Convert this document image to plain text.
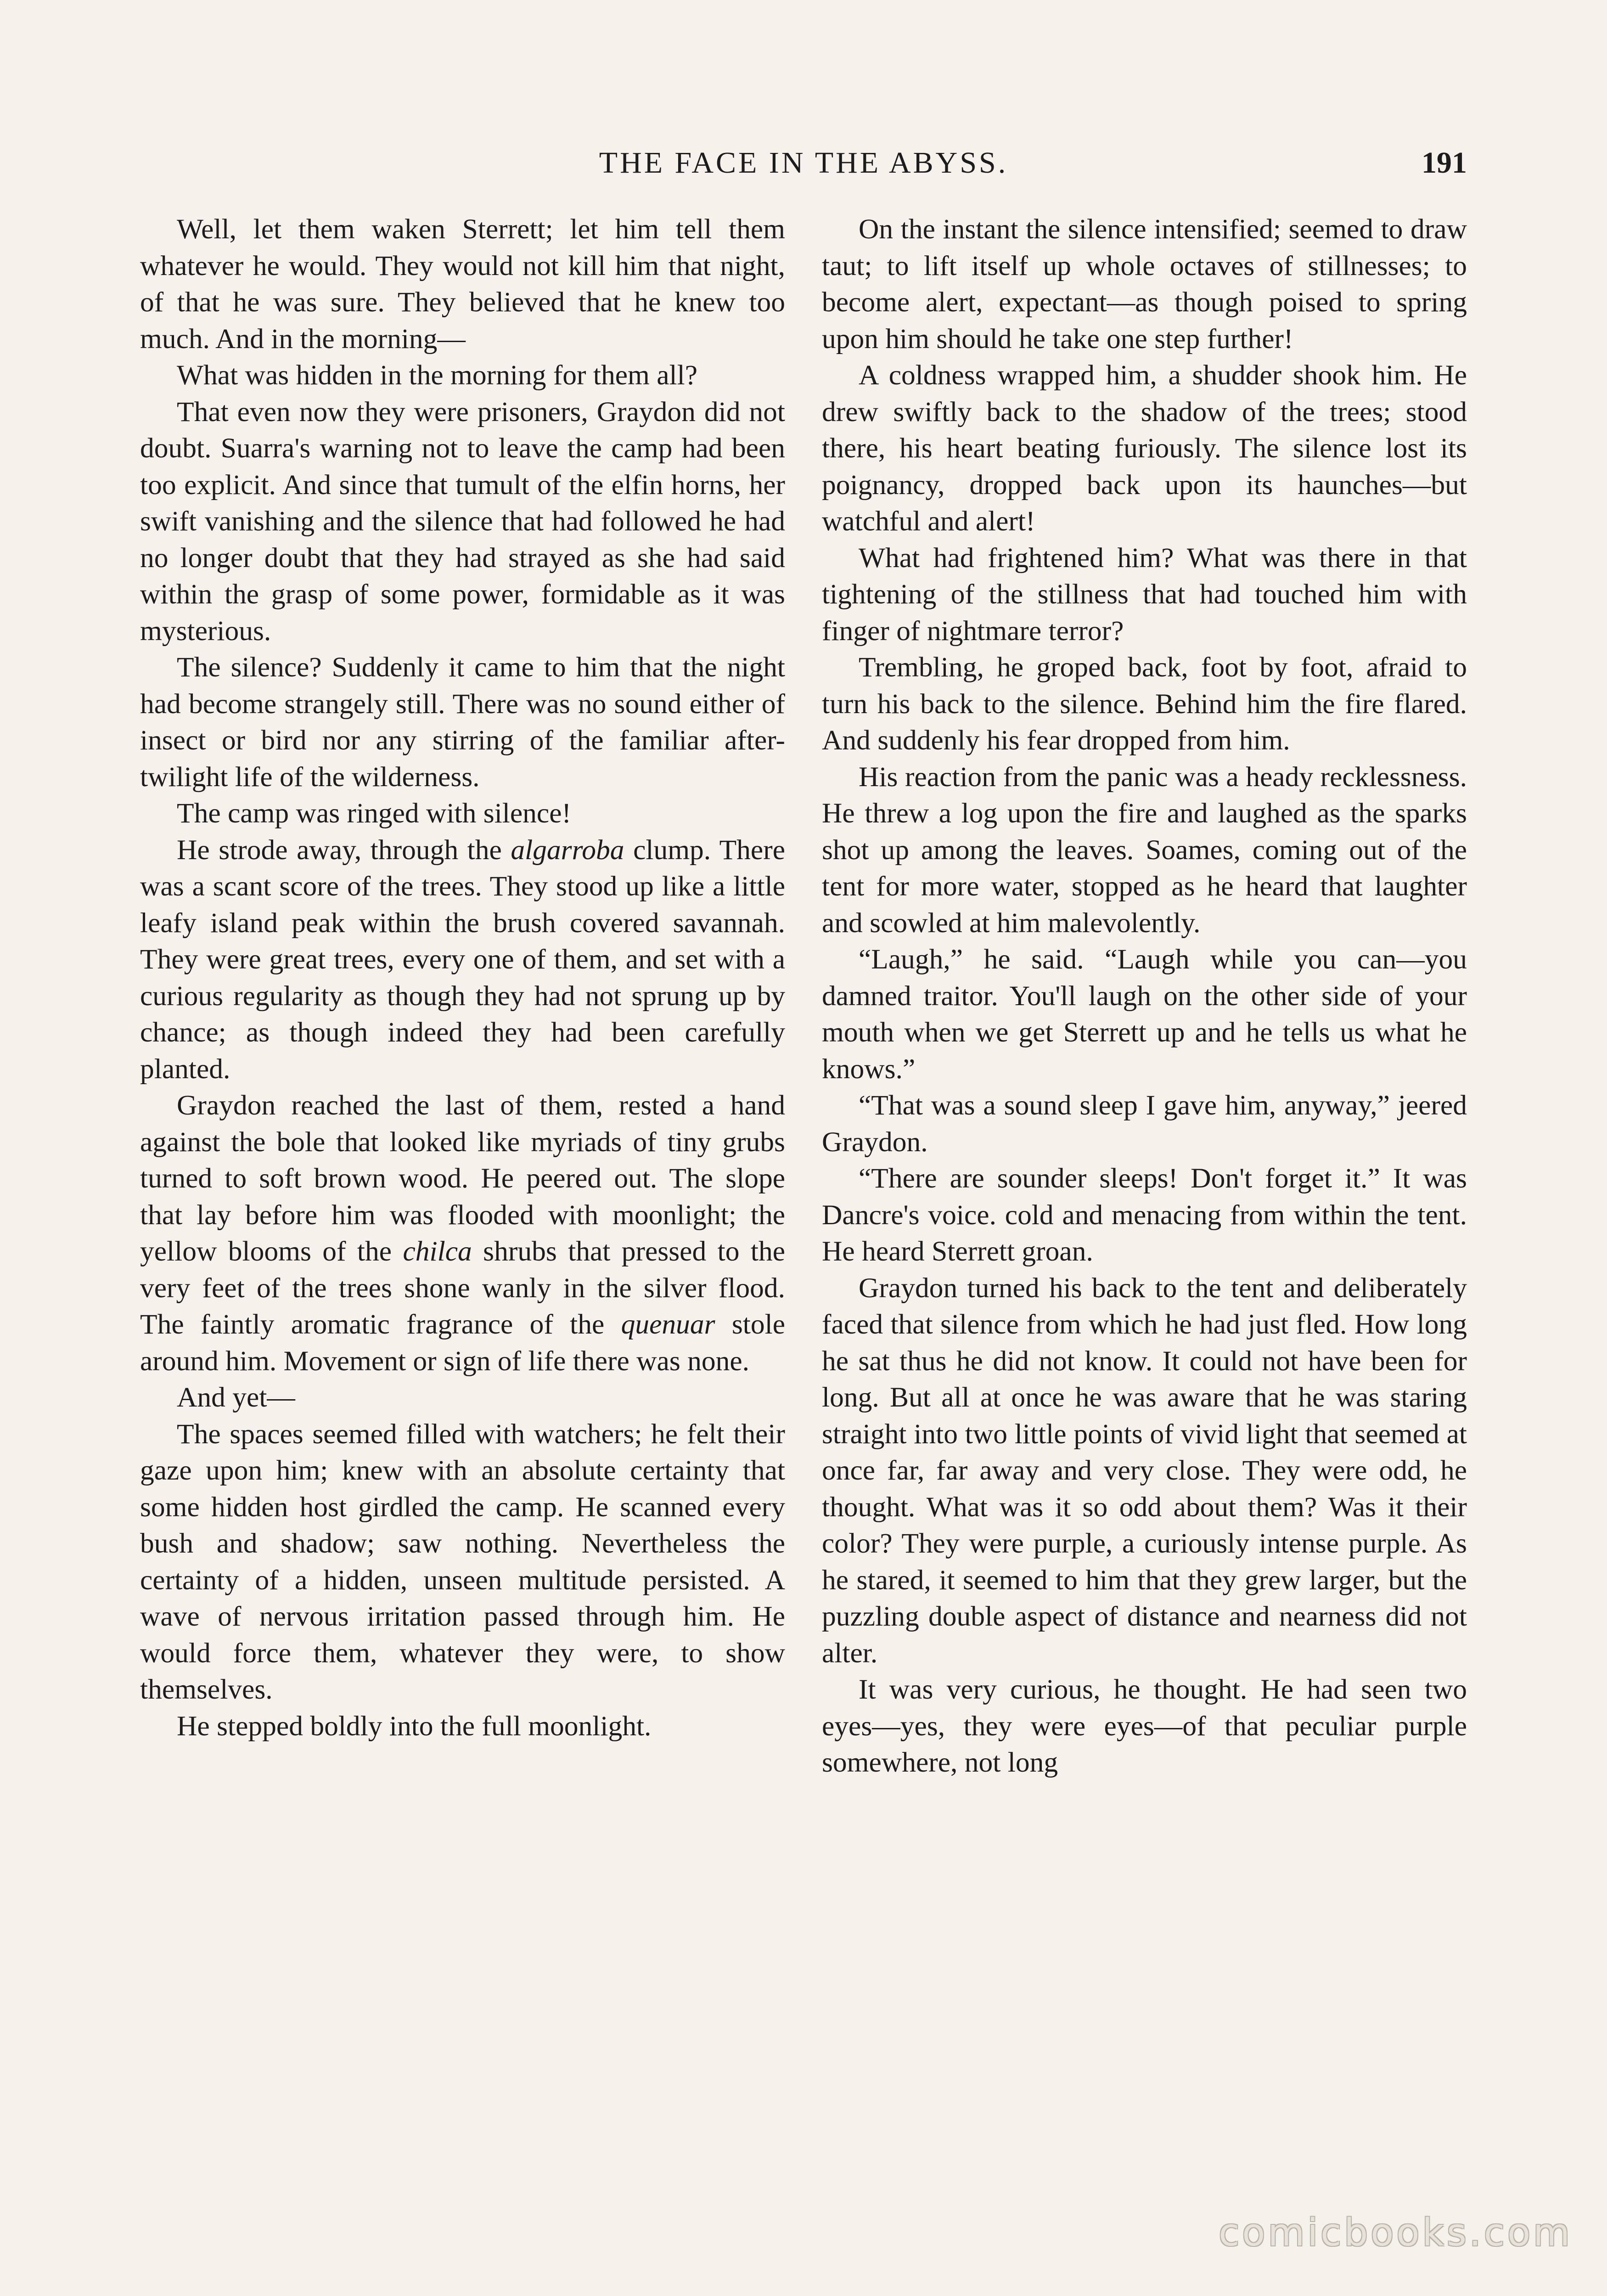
THE FACE IN THE ABYSS.	191

Well, let them waken Sterrett; let him tell them whatever he would. They would not kill him that night, of that he was sure. They believed that he knew too much. And in the morning—

What was hidden in the morning for them all?

That even now they were prisoners, Graydon did not doubt. Suarra's warning not to leave the camp had been too explicit. And since that tumult of the elfin horns, her swift vanishing and the silence that had followed he had no longer doubt that they had strayed as she had said within the grasp of some power, formidable as it was mysterious.

The silence? Suddenly it came to him that the night had become strangely still. There was no sound either of insect or bird nor any stirring of the familiar after-twilight life of the wilderness.

The camp was ringed with silence!

He strode away, through the algarroba clump. There was a scant score of the trees. They stood up like a little leafy island peak within the brush covered savannah. They were great trees, every one of them, and set with a curious regularity as though they had not sprung up by chance; as though indeed they had been carefully planted.

Graydon reached the last of them, rested a hand against the bole that looked like myriads of tiny grubs turned to soft brown wood. He peered out. The slope that lay before him was flooded with moonlight; the yellow blooms of the chilca shrubs that pressed to the very feet of the trees shone wanly in the silver flood. The faintly aromatic fragrance of the quenuar stole around him. Movement or sign of life there was none.

And yet—

The spaces seemed filled with watchers; he felt their gaze upon him; knew with an absolute certainty that some hidden host girdled the camp. He scanned every bush and shadow; saw nothing. Nevertheless the certainty of a hidden, unseen multitude persisted. A wave of nervous irritation passed through him. He would force them, whatever they were, to show themselves.

He stepped boldly into the full moonlight.

On the instant the silence intensified; seemed to draw taut; to lift itself up whole octaves of stillnesses; to become alert, expectant—as though poised to spring upon him should he take one step further!

A coldness wrapped him, a shudder shook him. He drew swiftly back to the shadow of the trees; stood there, his heart beating furiously. The silence lost its poignancy, dropped back upon its haunches—but watchful and alert!

What had frightened him? What was there in that tightening of the stillness that had touched him with finger of nightmare terror?

Trembling, he groped back, foot by foot, afraid to turn his back to the silence. Behind him the fire flared. And suddenly his fear dropped from him.

His reaction from the panic was a heady recklessness. He threw a log upon the fire and laughed as the sparks shot up among the leaves. Soames, coming out of the tent for more water, stopped as he heard that laughter and scowled at him malevolently.

“Laugh,” he said. “Laugh while you can—you damned traitor. You'll laugh on the other side of your mouth when we get Sterrett up and he tells us what he knows.”

“That was a sound sleep I gave him, anyway,” jeered Graydon.

“There are sounder sleeps! Don't forget it.” It was Dancre's voice. cold and menacing from within the tent. He heard Sterrett groan.

Graydon turned his back to the tent and deliberately faced that silence from which he had just fled. How long he sat thus he did not know. It could not have been for long. But all at once he was aware that he was staring straight into two little points of vivid light that seemed at once far, far away and very close. They were odd, he thought. What was it so odd about them? Was it their color? They were purple, a curiously intense purple. As he stared, it seemed to him that they grew larger, but the puzzling double aspect of distance and nearness did not alter.

It was very curious, he thought. He had seen two eyes—yes, they were eyes—of that peculiar purple somewhere, not long

comicbooks.com
